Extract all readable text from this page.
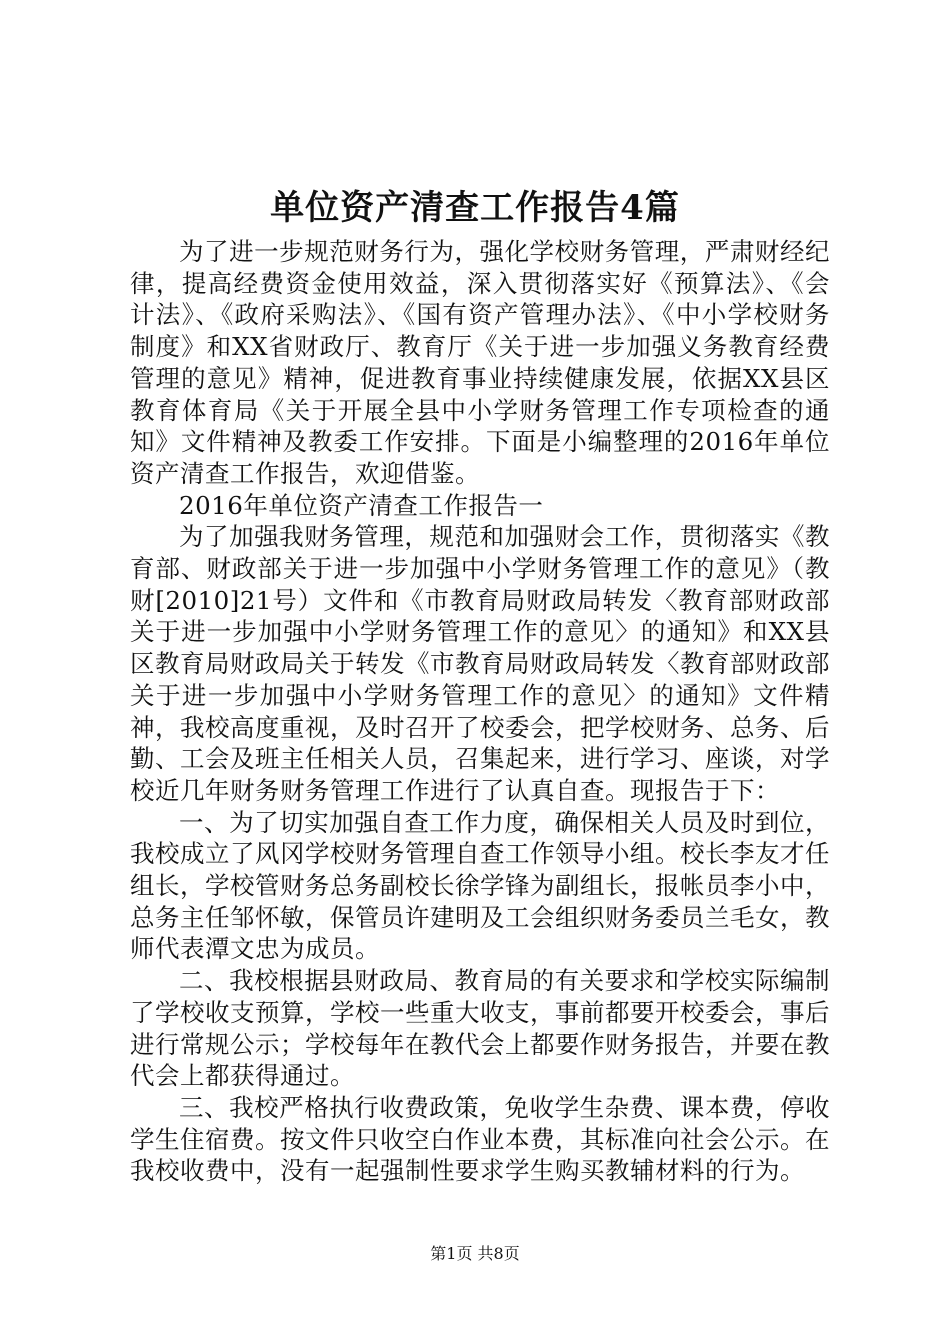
单位资产清查工作报告4篇

为了进一步规范财务行为，强化学校财务管理，严肃财经纪律，提高经费资金使用效益，深入贯彻落实好《预算法》、《会计法》、《政府采购法》、《国有资产管理办法》、《中小学校财务制度》和XX省财政厅、教育厅《关于进一步加强义务教育经费管理的意见》精神，促进教育事业持续健康发展，依据XX县区教育体育局《关于开展全县中小学财务管理工作专项检查的通知》文件精神及教委工作安排。下面是小编整理的2016年单位资产清查工作报告，欢迎借鉴。

2016年单位资产清查工作报告一

为了加强我财务管理，规范和加强财会工作，贯彻落实《教育部、财政部关于进一步加强中小学财务管理工作的意见》（教财[2010]21号）文件和《市教育局财政局转发〈教育部财政部关于进一步加强中小学财务管理工作的意见〉的通知》和XX县区教育局财政局关于转发《市教育局财政局转发〈教育部财政部关于进一步加强中小学财务管理工作的意见〉的通知》文件精神，我校高度重视，及时召开了校委会，把学校财务、总务、后勤、工会及班主任相关人员，召集起来，进行学习、座谈，对学校近几年财务财务管理工作进行了认真自查。现报告于下：

一、为了切实加强自查工作力度，确保相关人员及时到位，我校成立了风冈学校财务管理自查工作领导小组。校长李友才任组长，学校管财务总务副校长徐学锋为副组长，报帐员李小中，总务主任邹怀敏，保管员许建明及工会组织财务委员兰毛女，教师代表潭文忠为成员。

二、我校根据县财政局、教育局的有关要求和学校实际编制了学校收支预算，学校一些重大收支，事前都要开校委会，事后进行常规公示；学校每年在教代会上都要作财务报告，并要在教代会上都获得通过。

三、我校严格执行收费政策，免收学生杂费、课本费，停收学生住宿费。按文件只收空白作业本费，其标准向社会公示。在我校收费中，没有一起强制性要求学生购买教辅材料的行为。

第1页 共8页
